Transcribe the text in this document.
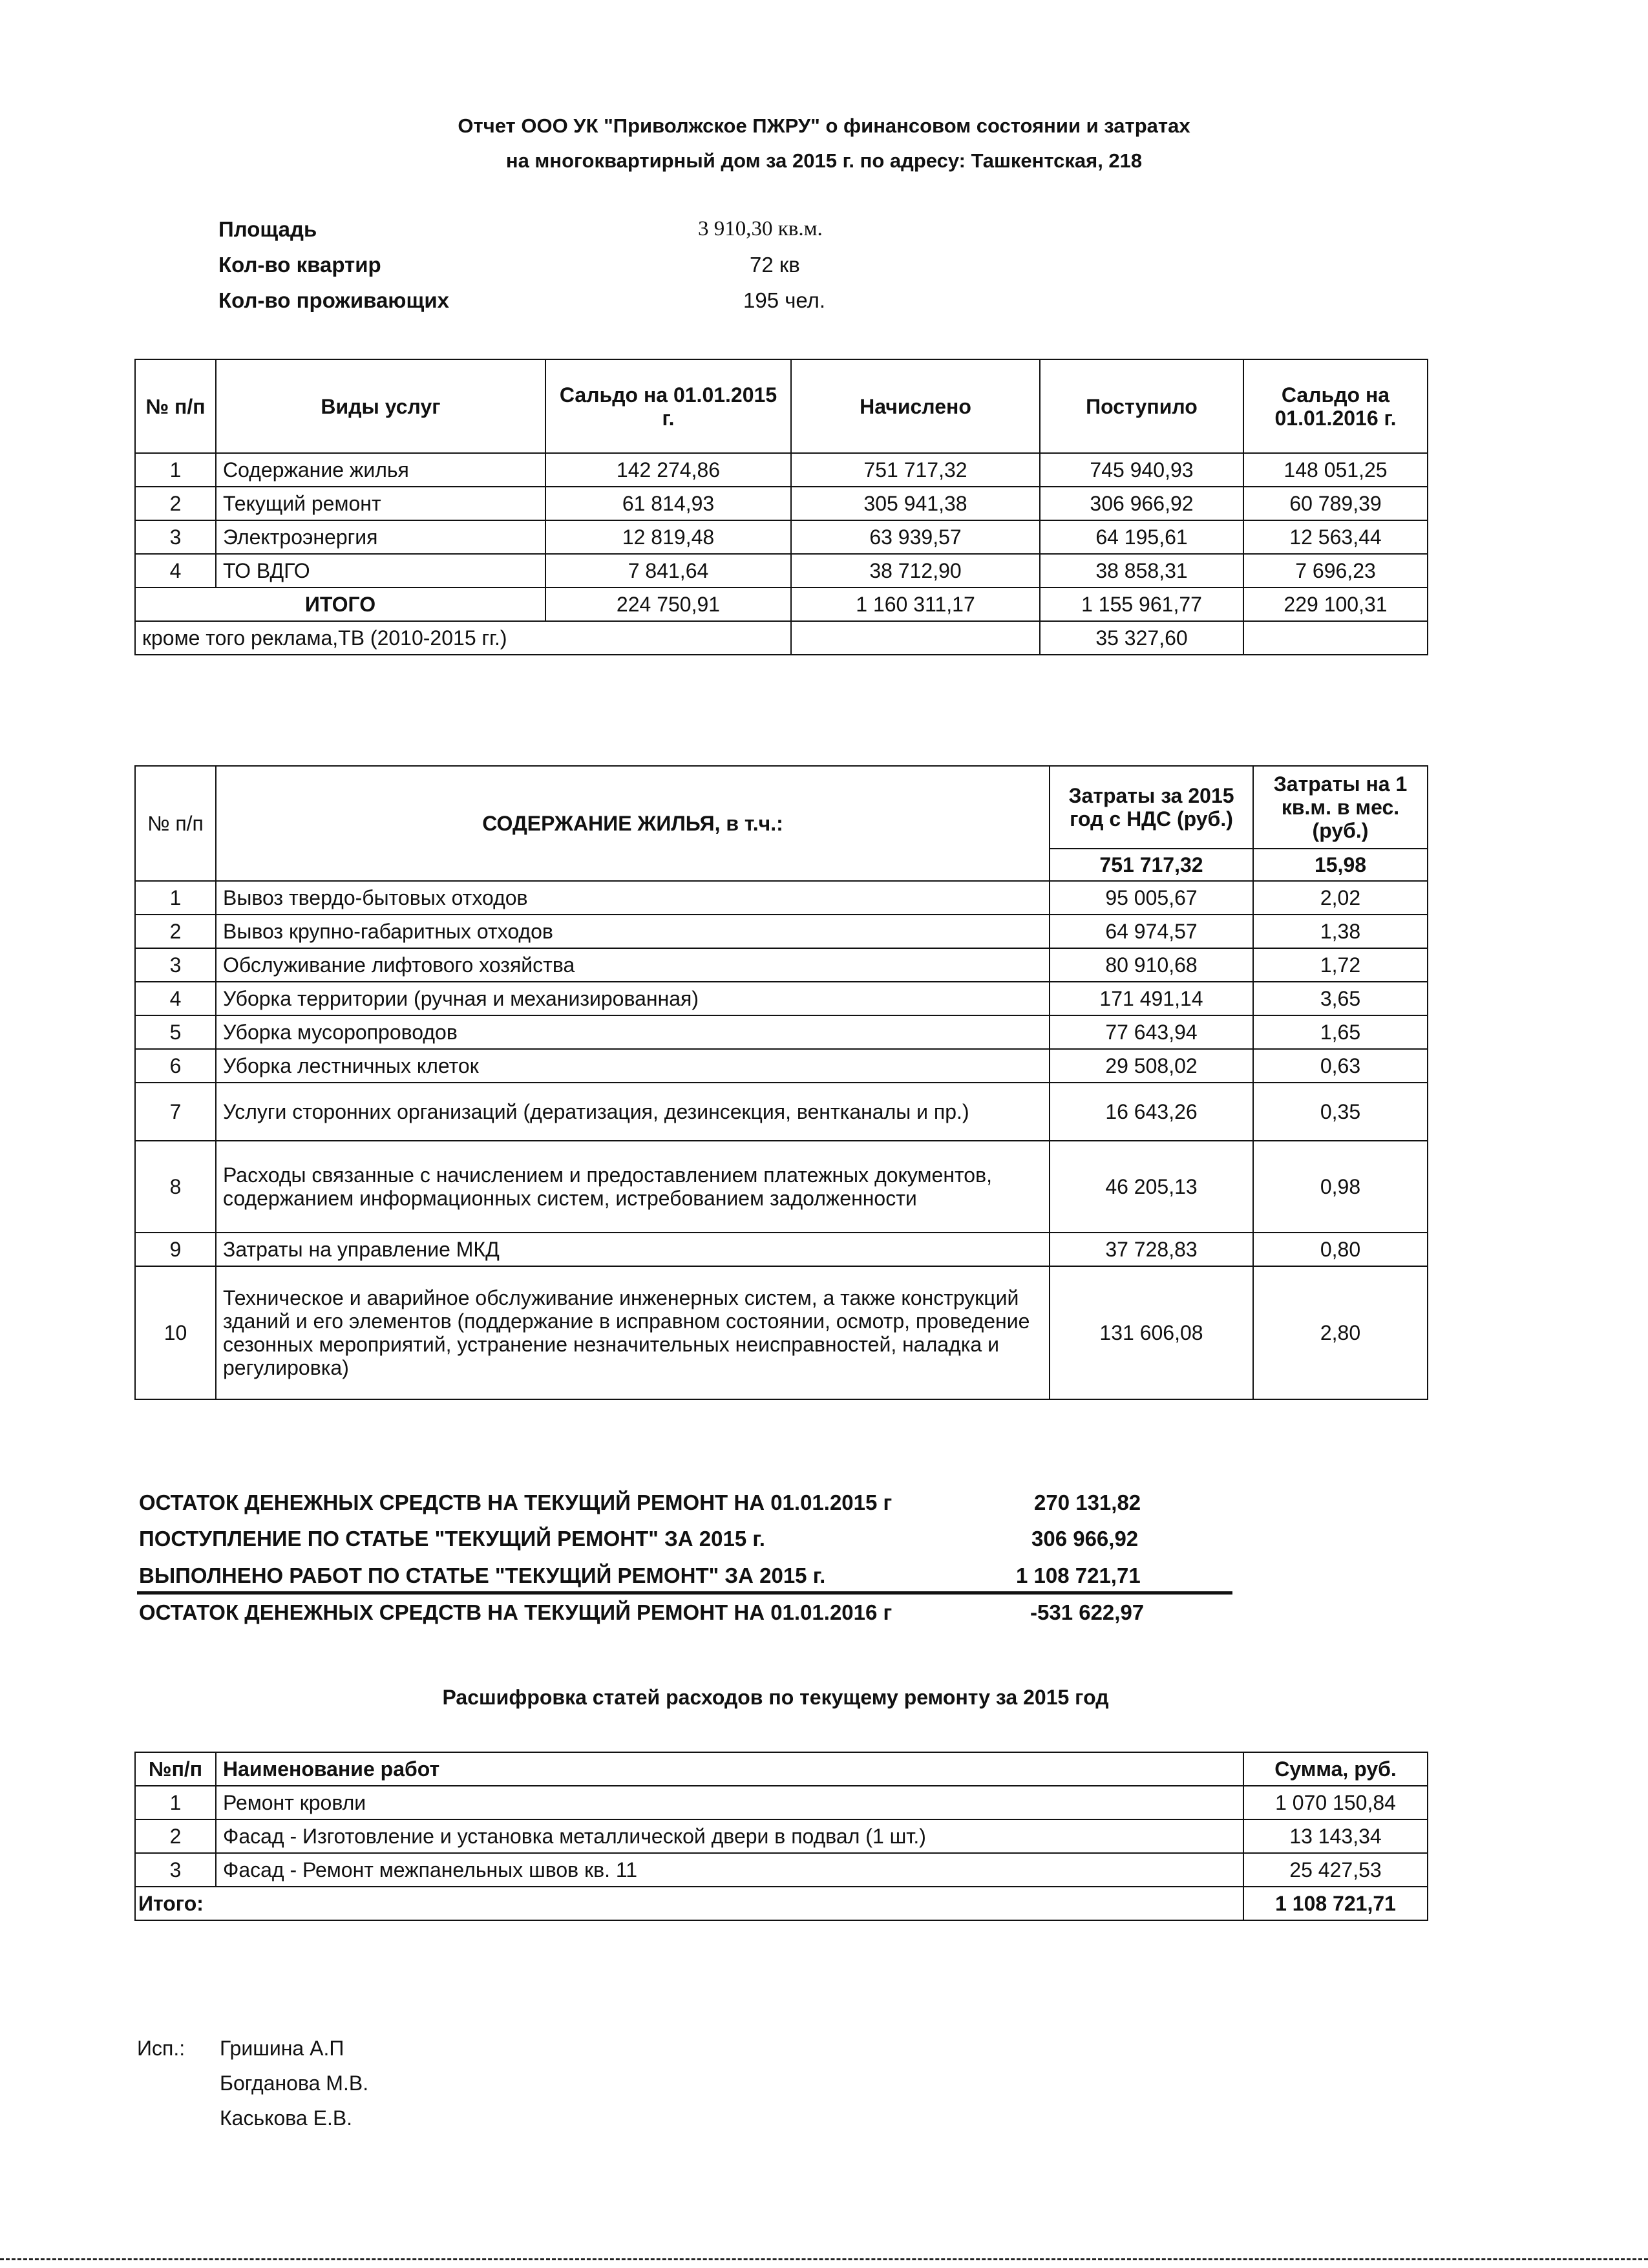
Отчет ООО УК "Приволжское ПЖРУ" о финансовом состоянии и затратах
на многоквартирный дом за 2015 г. по адресу: Ташкентская, 218
Площадь	3 910,30 кв.м.
Кол-во квартир	72 кв
Кол-во проживающих	195 чел.
№ п/п	Виды услуг	Сальдо на 01.01.2015 г.	Начислено	Поступило	Сальдо на 01.01.2016 г.
1	Содержание жилья	142 274,86	751 717,32	745 940,93	148 051,25
2	Текущий ремонт	61 814,93	305 941,38	306 966,92	60 789,39
3	Электроэнергия	12 819,48	63 939,57	64 195,61	12 563,44
4	ТО ВДГО	7 841,64	38 712,90	38 858,31	7 696,23
ИТОГО		224 750,91	1 160 311,17	1 155 961,77	229 100,31
кроме того реклама,ТВ (2010-2015 гг.)				35 327,60	
№ п/п	СОДЕРЖАНИЕ ЖИЛЬЯ, в т.ч.:	Затраты за 2015 год с НДС (руб.)	Затраты на 1 кв.м. в мес. (руб.)
		751 717,32	15,98
1	Вывоз твердо-бытовых отходов	95 005,67	2,02
2	Вывоз крупно-габаритных отходов	64 974,57	1,38
3	Обслуживание лифтового хозяйства	80 910,68	1,72
4	Уборка территории (ручная и механизированная)	171 491,14	3,65
5	Уборка мусоропроводов	77 643,94	1,65
6	Уборка лестничных клеток	29 508,02	0,63
7	Услуги сторонних организаций (дератизация, дезинсекция, вентканалы и пр.)	16 643,26	0,35
8	Расходы связанные с начислением и предоставлением платежных документов, содержанием информационных систем, истребованием задолженности	46 205,13	0,98
9	Затраты на управление МКД	37 728,83	0,80
10	Техническое и аварийное обслуживание инженерных систем, а также конструкций зданий и его элементов (поддержание в исправном состоянии, осмотр, проведение сезонных мероприятий, устранение незначительных неисправностей, наладка и регулировка)	131 606,08	2,80
ОСТАТОК ДЕНЕЖНЫХ СРЕДСТВ НА ТЕКУЩИЙ РЕМОНТ НА 01.01.2015 г	270 131,82
ПОСТУПЛЕНИЕ ПО СТАТЬЕ "ТЕКУЩИЙ РЕМОНТ" ЗА 2015 г.	306 966,92
ВЫПОЛНЕНО РАБОТ ПО СТАТЬЕ "ТЕКУЩИЙ РЕМОНТ" ЗА 2015 г.	1 108 721,71
ОСТАТОК ДЕНЕЖНЫХ СРЕДСТВ НА ТЕКУЩИЙ РЕМОНТ НА 01.01.2016 г	-531 622,97
Расшифровка статей расходов по текущему ремонту за 2015 год
№п/п	Наименование работ	Сумма, руб.
1	Ремонт кровли	1 070 150,84
2	Фасад - Изготовление и установка металлической двери в подвал (1 шт.)	13 143,34
3	Фасад - Ремонт межпанельных швов кв. 11	25 427,53
Итого:		1 108 721,71
Исп.: Гришина А.П
Богданова М.В.
Каськова Е.В.
